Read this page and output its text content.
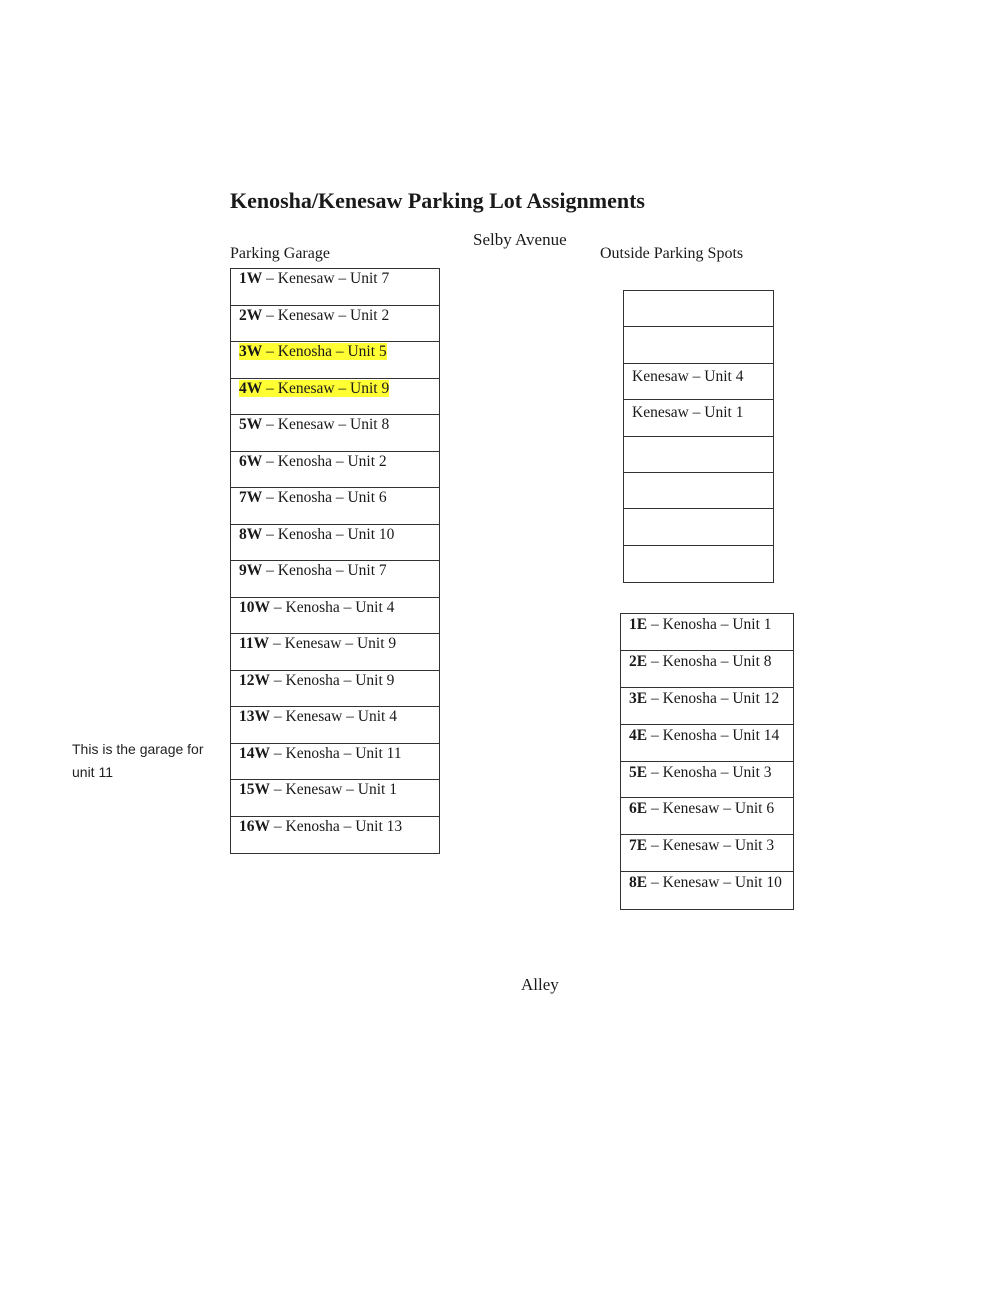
Kenosha/Kenesaw Parking Lot Assignments
Selby Avenue
Parking Garage	Outside Parking Spots
Alley
This is the garage for unit 11
1W – Kenesaw – Unit 7
2W – Kenesaw – Unit 2
3W – Kenosha – Unit 5
4W – Kenesaw – Unit 9
5W – Kenesaw – Unit 8
6W – Kenosha – Unit 2
7W – Kenosha – Unit 6
8W – Kenosha – Unit 10
9W – Kenosha – Unit 7
10W – Kenosha – Unit 4
11W – Kenesaw – Unit 9
12W – Kenosha – Unit 9
13W – Kenesaw – Unit 4
14W – Kenosha – Unit 11
15W – Kenesaw – Unit 1
16W – Kenosha – Unit 13
Kenesaw – Unit 4
Kenesaw – Unit 1
1E – Kenosha – Unit 1
2E – Kenosha – Unit 8
3E – Kenosha – Unit 12
4E – Kenosha – Unit 14
5E – Kenosha – Unit 3
6E – Kenesaw – Unit 6
7E – Kenesaw – Unit 3
8E – Kenesaw – Unit 10
